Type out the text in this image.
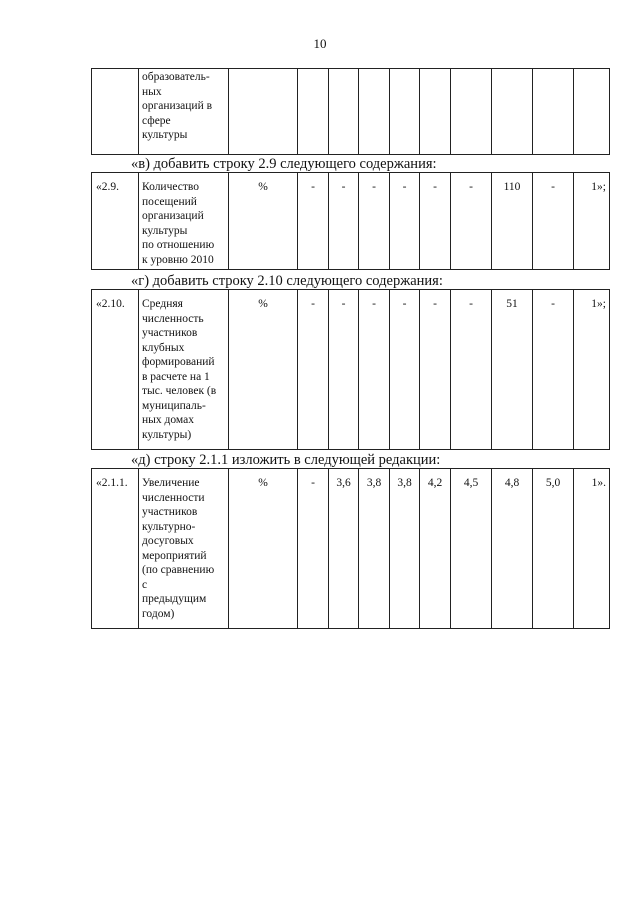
10

образователь-
ных
организаций в
сфере
культуры

«в) добавить строку 2.9 следующего содержания:
«2.9.	Количество
посещений
организаций
культуры
по отношению
к уровню 2010
	%	-	-	-	-	-	-	110	-	1»;
«г) добавить строку 2.10 следующего содержания:
«2.10.	Средняя
численность
участников
клубных
формирований
в расчете на 1
тыс. человек (в
муниципаль-
ных домах
культуры)
	%	-	-	-	-	-	-	51	-	1»;
«д) строку 2.1.1 изложить в следующей редакции:
«2.1.1.	Увеличение
численности
участников
культурно-
досуговых
мероприятий
(по сравнению
с
предыдущим
годом)
	%	-	3,6	3,8	3,8	4,2	4,5	4,8	5,0	1».
